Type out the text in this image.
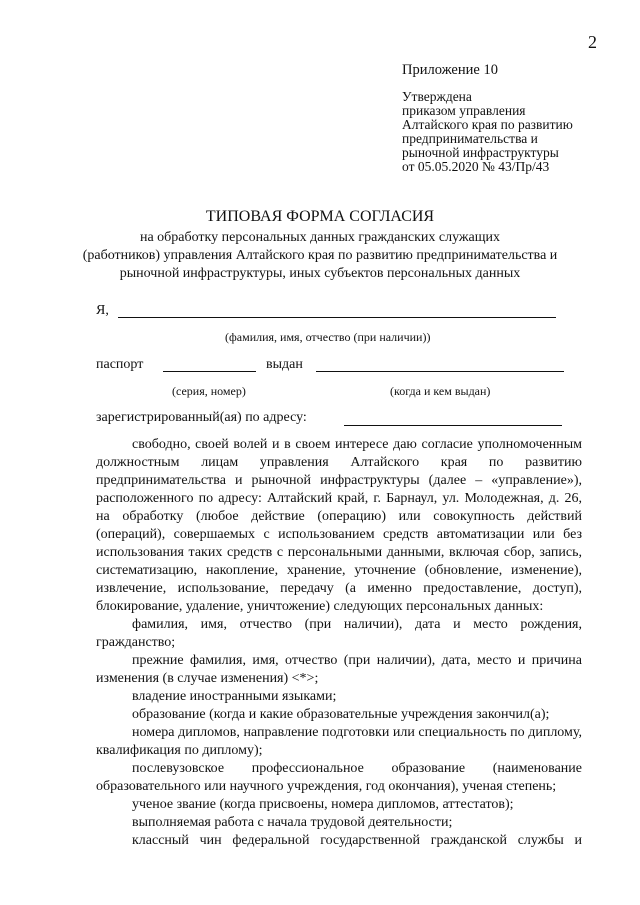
2
Приложение 10
Утверждена
приказом управления
Алтайского края по развитию
предпринимательства и
рыночной инфраструктуры
от 05.05.2020 № 43/Пр/43
ТИПОВАЯ ФОРМА СОГЛАСИЯ
на обработку персональных данных гражданских служащих
(работников) управления Алтайского края по развитию предпринимательства и
рыночной инфраструктуры, иных субъектов персональных данных
Я,
(фамилия, имя, отчество (при наличии))
паспорт	выдан
(серия, номер)	(когда и кем выдан)
зарегистрированный(ая) по адресу:

свободно, своей волей и в своем интересе даю согласие уполномоченным должностным лицам управления Алтайского края по развитию предпринимательства и рыночной инфраструктуры (далее – «управление»), расположенного по адресу: Алтайский край, г. Барнаул, ул. Молодежная, д. 26, на обработку (любое действие (операцию) или совокупность действий (операций), совершаемых с использованием средств автоматизации или без использования таких средств с персональными данными, включая сбор, запись, систематизацию, накопление, хранение, уточнение (обновление, изменение), извлечение, использование, передачу (а именно предоставление, доступ), блокирование, удаление, уничтожение) следующих персональных данных:

фамилия, имя, отчество (при наличии), дата и место рождения, гражданство;

прежние фамилия, имя, отчество (при наличии), дата, место и причина изменения (в случае изменения) <*>;

владение иностранными языками;

образование (когда и какие образовательные учреждения закончил(а);

номера дипломов, направление подготовки или специальность по диплому, квалификация по диплому);

послевузовское профессиональное образование (наименование образовательного или научного учреждения, год окончания), ученая степень;

ученое звание (когда присвоены, номера дипломов, аттестатов);

выполняемая работа с начала трудовой деятельности;

классный чин федеральной государственной гражданской службы и
